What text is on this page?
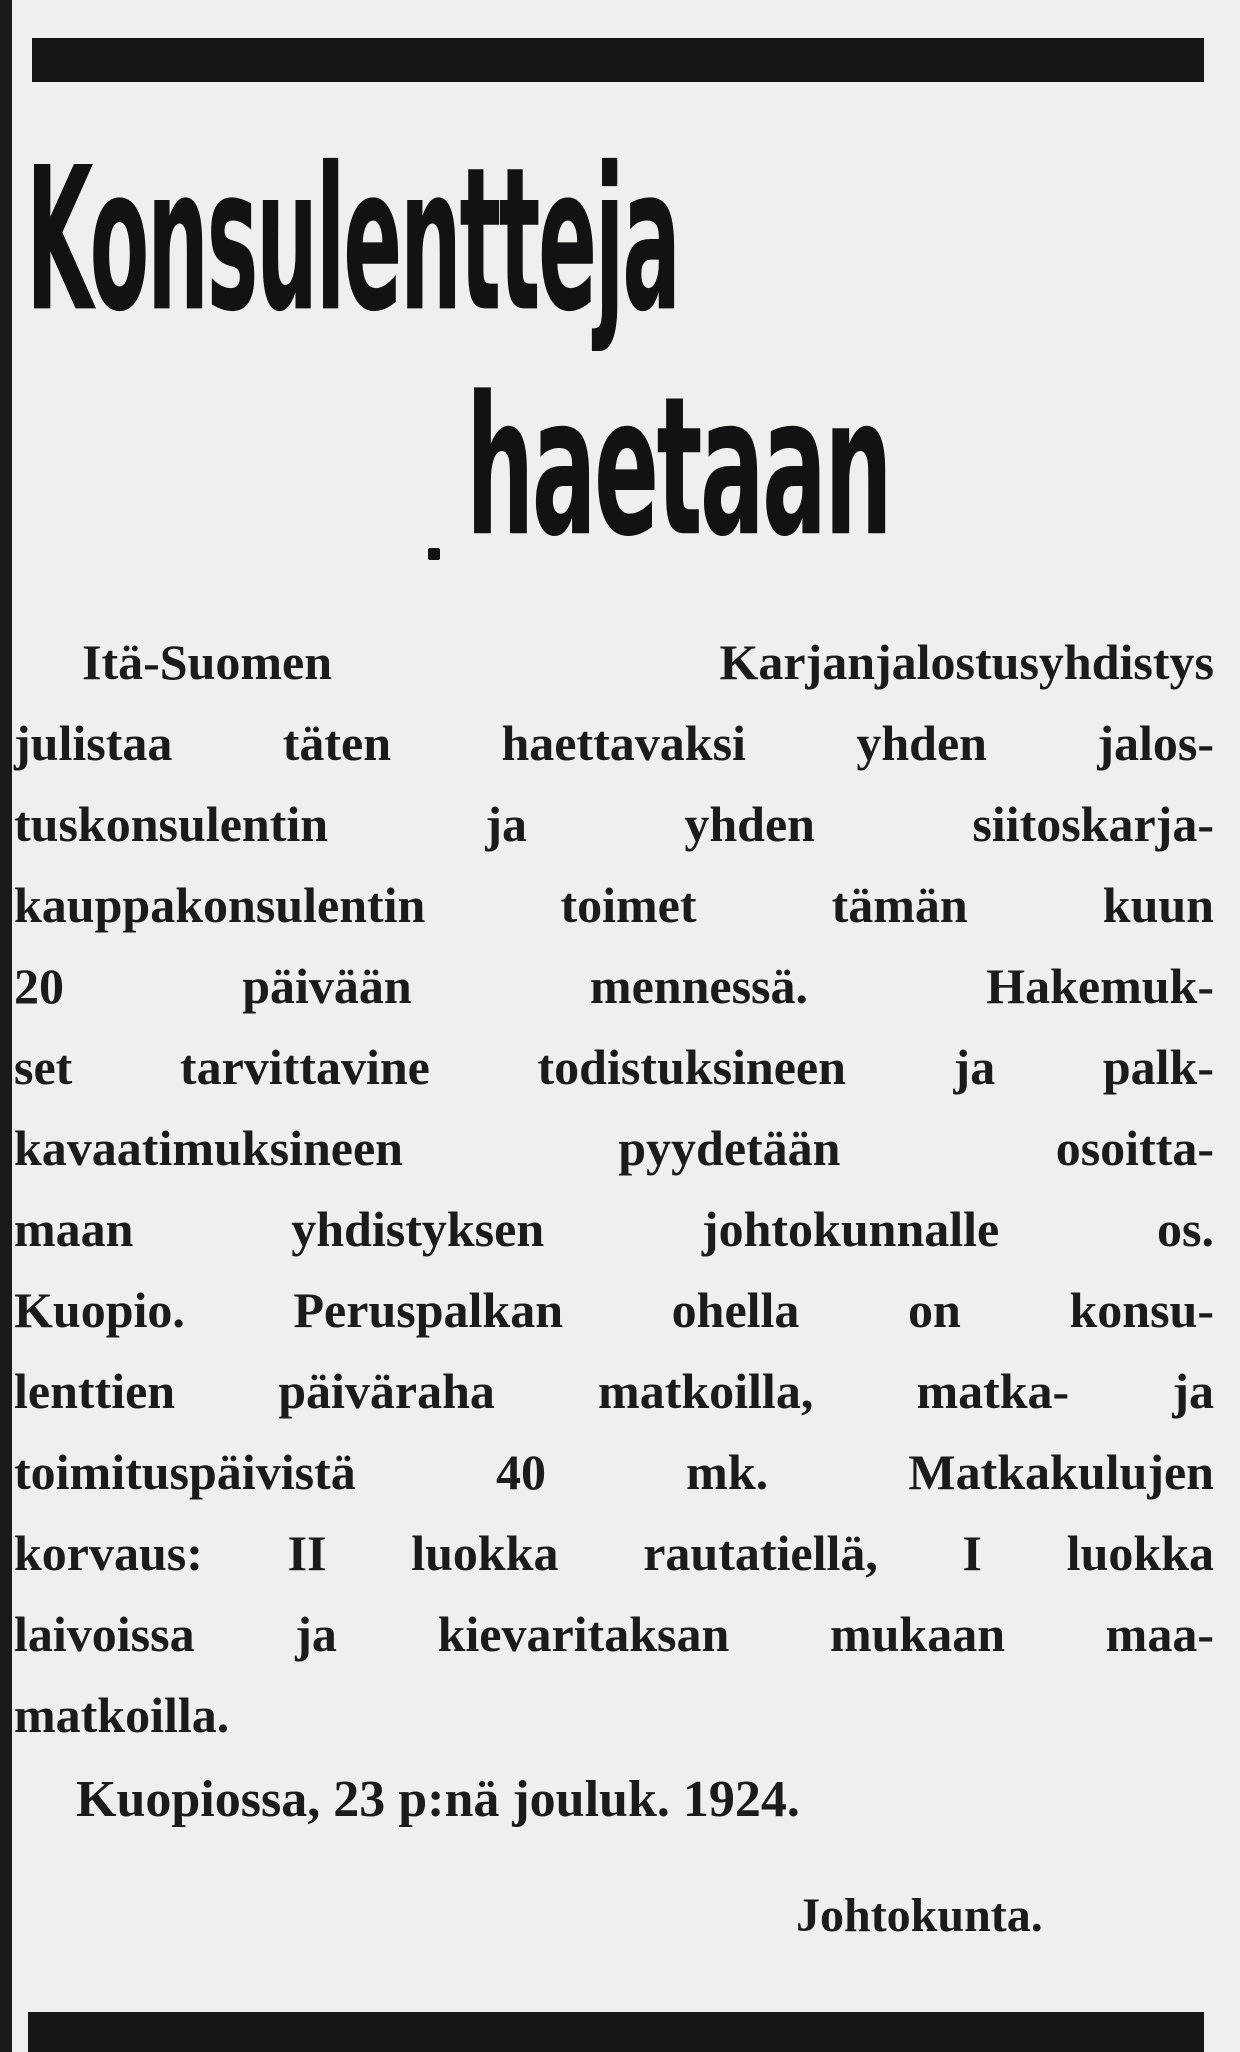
Konsulentteja
haetaan
Itä-Suomen Karjanjalostusyhdistys
julistaa täten haettavaksi yhden jalos-
tuskonsulentin ja yhden siitoskarja-
kauppakonsulentin toimet tämän kuun
20 päivään mennessä. Hakemuk-
set tarvittavine todistuksineen ja palk-
kavaatimuksineen pyydetään osoitta-
maan yhdistyksen johtokunnalle os.
Kuopio. Peruspalkan ohella on konsu-
lenttien päiväraha matkoilla, matka- ja
toimituspäivistä 40 mk. Matkakulujen
korvaus: II luokka rautatiellä, I luokka
laivoissa ja kievaritaksan mukaan maa-
matkoilla.

Kuopiossa, 23 p:nä jouluk. 1924.

Johtokunta.
